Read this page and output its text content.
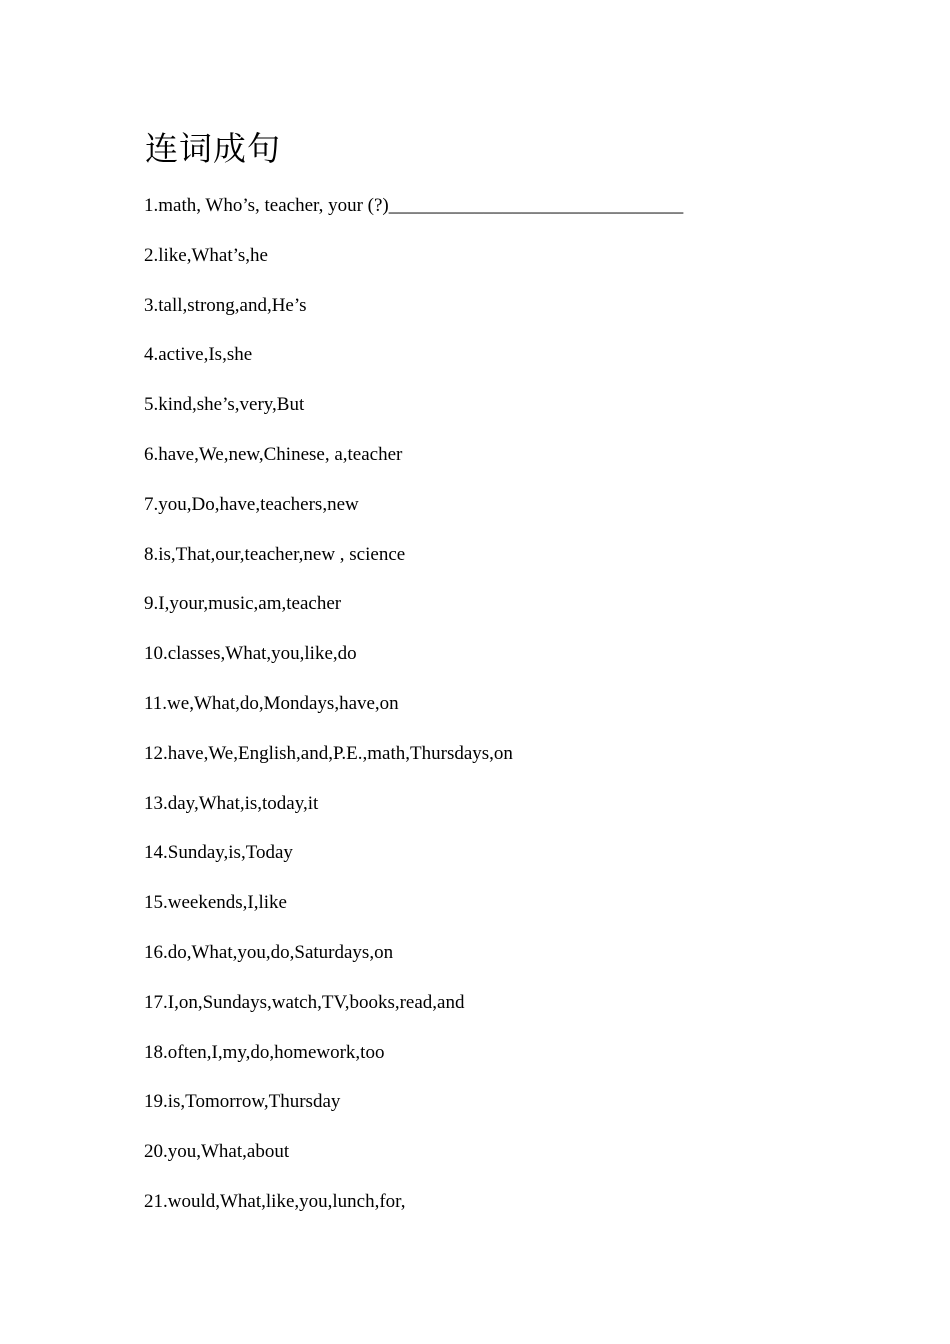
连词成句
1.math, Who’s, teacher, your (?)_______________________________
2.like,What’s,he
3.tall,strong,and,He’s
4.active,Is,she
5.kind,she’s,very,But
6.have,We,new,Chinese, a,teacher
7.you,Do,have,teachers,new
8.is,That,our,teacher,new , science
9.I,your,music,am,teacher
10.classes,What,you,like,do
11.we,What,do,Mondays,have,on
12.have,We,English,and,P.E.,math,Thursdays,on
13.day,What,is,today,it
14.Sunday,is,Today
15.weekends,I,like
16.do,What,you,do,Saturdays,on
17.I,on,Sundays,watch,TV,books,read,and
18.often,I,my,do,homework,too
19.is,Tomorrow,Thursday
20.you,What,about
21.would,What,like,you,lunch,for,
